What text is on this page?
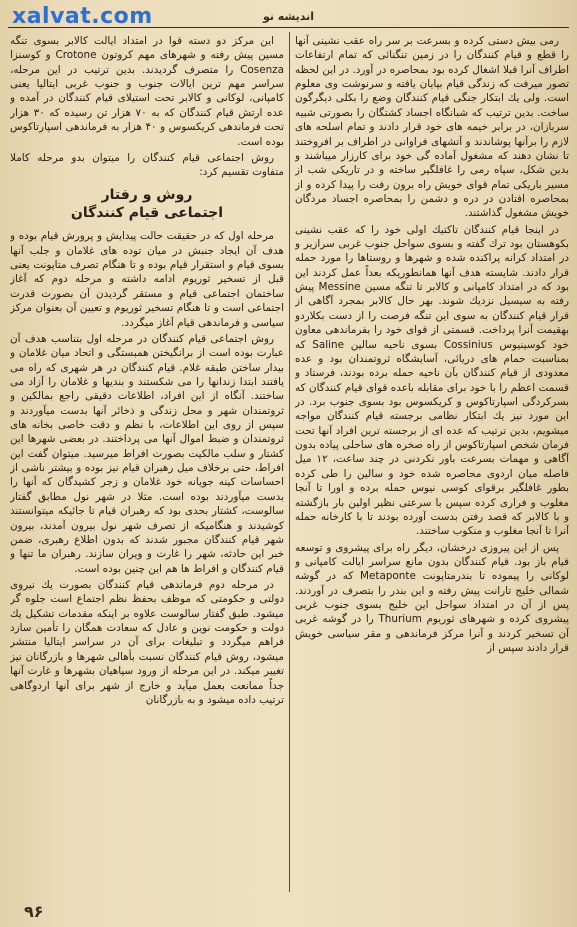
xalvat.com	اندیشه نو

رمی بیش دستی کرده و بسرعت بر سر راه عقب نشینی آنها را قطع و قیام کنندگان را در زمین تنگنائی که تمام ارتفاعات اطراف آنرا قبلا اشغال کرده بود بمحاصره در آورد. در این لحظه تصور میرفت که زندگی قیام بپایان یافته و سرنوشت وی معلوم است. ولی یك ابتکار جنگی قیام کنندگان وضع را بکلی دیگرگون ساخت. بدین ترتیب که شبانگاه اجساد کشتگان را بصورتی شبیه سربازان، در برابر خیمه های خود قرار دادند و تمام اسلحه های لازم را برآنها پوشاندند و آتشهای فراوانی در اطراف بر افروختند تا نشان دهند که مشغول آماده گی خود برای کارزار میباشند و بدین شکل، سپاه رمی را غافلگیر ساخته و در تاریکی شب از مسیر باریکی تمام قوای خویش راه برون رفت را پیدا کرده و از بمحاصره افتادن در دره و دشمن را بمحاصره اجساد مردگان خویش مشغول گذاشتند.

در اینجا قیام کنندگان تاکتیك اولی خود را که عقب نشینی بکوهستان بود ترك گفته و بسوی سواحل جنوب غربی سرازیر و در امتداد کرانه پراکنده شده و شهرها و روستاها را مورد حمله قرار دادند. شایسته هدف آنها همانطوریکه بعداً عمل کردند این بود که در امتداد کامپانی و کالابر تا تنگه مسین Messine پیش رفته به سیسیل نزدیك شوند. بهر حال کالابر بمجرد آگاهی از قرار قیام کنندگان به سوی این تنگه فرصت را از دست بکلاردو بهقیمت آنرا پرداخت. قسمتی از قوای خود را بفرماندهی معاون خود کوسینیوس Cossinius بسوی ناحیه سالین Saline که بمناسبت حمام های دریائی، آسایشگاه ثروتمندان بود و عده معدودی از قیام کنندگان بآن ناحیه حمله برده بودند، فرستاد و قسمت اعظم را با خود برای مقابله باعده قوای قیام کنندگان که بسرکردگی اسپارتاکوس و کریکسوس بود بسوی جنوب برد. در این مورد نیز یك ابتکار نظامی برجسته قیام کنندگان مواجه میشویم، بدین ترتیب که عده ای از برجسته ترین افراد آنها تحت فرمان شخص اسپارتاکوس از راه صخره های ساحلی پیاده بدون آگاهی و مهمات بسرعت باور نکردنی در چند ساعت، ۱۲ میل فاصله میان اردوی محاصره شده خود و سالین را طی کرده بطور غافلگیر برقوای کوسی نیوس حمله برده و اورا تا آنجا مغلوب و فراری کرده سپس با سرعتی نظیر اولین بار بازگشته و با کالابر که قصد رفتن بدست آورده بودند تا با کارخانه حمله آنرا تا آنجا مغلوب و منکوب ساختند.

پس از این پیروزی درخشان، دیگر راه برای پیشروی و توسعه قیام باز بود. قیام کنندگان بدون مانع سراسر ایالت کامپانی و لوکانی را پیموده تا بندرمتاپونت Metaponte که در گوشه شمالی خلیج تارانت پیش رفته و این بندر را بتصرف در آوردند. پس از آن در امتداد سواحل این خلیج بسوی جنوب غربی پیشروی کرده و شهرهای ثوریوم Thurium را در گوشه غربی آن تسخیر کردند و آنرا مرکز فرماندهی و مقر سیاسی خویش قرار دادند سپس از

این مرکز دو دسته قوا در امتداد ایالت کالابر بسوی تنگه مسین پیش رفته و شهرهای مهم کروتون Crotone و کوسنزا Cosenza را متصرف گردیدند. بدین ترتیب در این مرحله، سراسر مهم ترین ایالات جنوب و جنوب غربی ایتالیا یعنی کامپانی، لوکانی و کالابر تحت استیلای قیام کنندگان در آمده و عده ارتش قیام کنندگان که به ۷۰ هزار تن رسیده که ۳۰ هزار تحت فرماندهی کریکسوس و ۴۰ هزار به فرماندهی اسپارتاکوس بوده است.

روش اجتماعی قیام کنندگان را میتوان بدو مرحله کاملا متفاوت تقسیم کرد:

روش و رفتار
اجتماعی قیام کنندگان

مرحله اول که در حقیقت حالت پیدایش و پرورش قیام بوده و هدف آن ایجاد جنبش در میان توده های غلامان و جلب آنها بسوی قیام و استقرار قیام بوده و تا هنگام تصرف متاپونت یعنی قبل از تسخیر ثوریوم ادامه داشته و مرحله دوم که آغاز ساختمان اجتماعی قیام و مستقر گردیدن آن بصورت قدرت اجتماعی است و تا هنگام تسخیر ثوریوم و تعیین آن بعنوان مرکز سیاسی و فرماندهی قیام آغاز میگردد.

روش اجتماعی قیام کنندگان در مرحله اول بتناسب هدف آن عبارت بوده است از برانگیختن همبستگی و اتحاد میان غلامان و بیدار ساختن طبقه غلام. قیام کنندگان در هر شهری که راه می یافتند ابتدا زندانها را می شکستند و بندیها و غلامان را آزاد می ساختند. آنگاه از این افراد، اطلاعات دقیقی راجع بمالکین و ثروتمندان شهر و محل زندگی و ذخائر آنها بدست میآوردند و سپس از روی این اطلاعات، با نظم و دقت خاصی بخانه های ثروتمندان و ضبط اموال آنها می پرداختند. در بعضی شهرها این کشتار و سلب مالکیت بصورت افراط میرسید. میتوان گفت این افراط، حتی برخلاف میل رهبران قیام نیز بوده و بیشتر ناشی از احساسات کینه جویانه خود غلامان و زجر کشیدگان که آنها را بدست میآوردند بوده است. مثلا در شهر نول مطابق گفتار سالوست، کشتار بحدی بود که رهبران قیام تا جائیکه میتوانستند کوشیدند و هنگامیکه از تصرف شهر نول بیرون آمدند، بیرون شهر قیام کنندگان مجبور شدند که بدون اطلاع رهبری، ضمن خبر این حادثه، شهر را غارت و ویران سازند. رهبران ما تنها و قیام کنندگان و افراط ها هم این چنین بوده است.

در مرحله دوم فرماندهی قیام کنندگان بصورت یك نیروی دولتی و حکومتی که موظف بحفظ نظم اجتماع است جلوه گر میشود. طبق گفتار سالوست علاوه بر اینکه مقدمات تشکیل یك دولت و حکومت نوین و عادل که سعادت همگان را تأمین سازد فراهم میگردد و تبلیغات برای آن در سراسر ایتالیا منتشر میشود، روش قیام کنندگان نسبت بأهالی شهرها و بازرگانان نیز تغییر میکند. در این مرحله از ورود سپاهیان بشهرها و غارت آنها جداً ممانعت بعمل میآید و خارج از شهر برای آنها اردوگاهی ترتیب داده میشود و به بازرگانان

۹۶
